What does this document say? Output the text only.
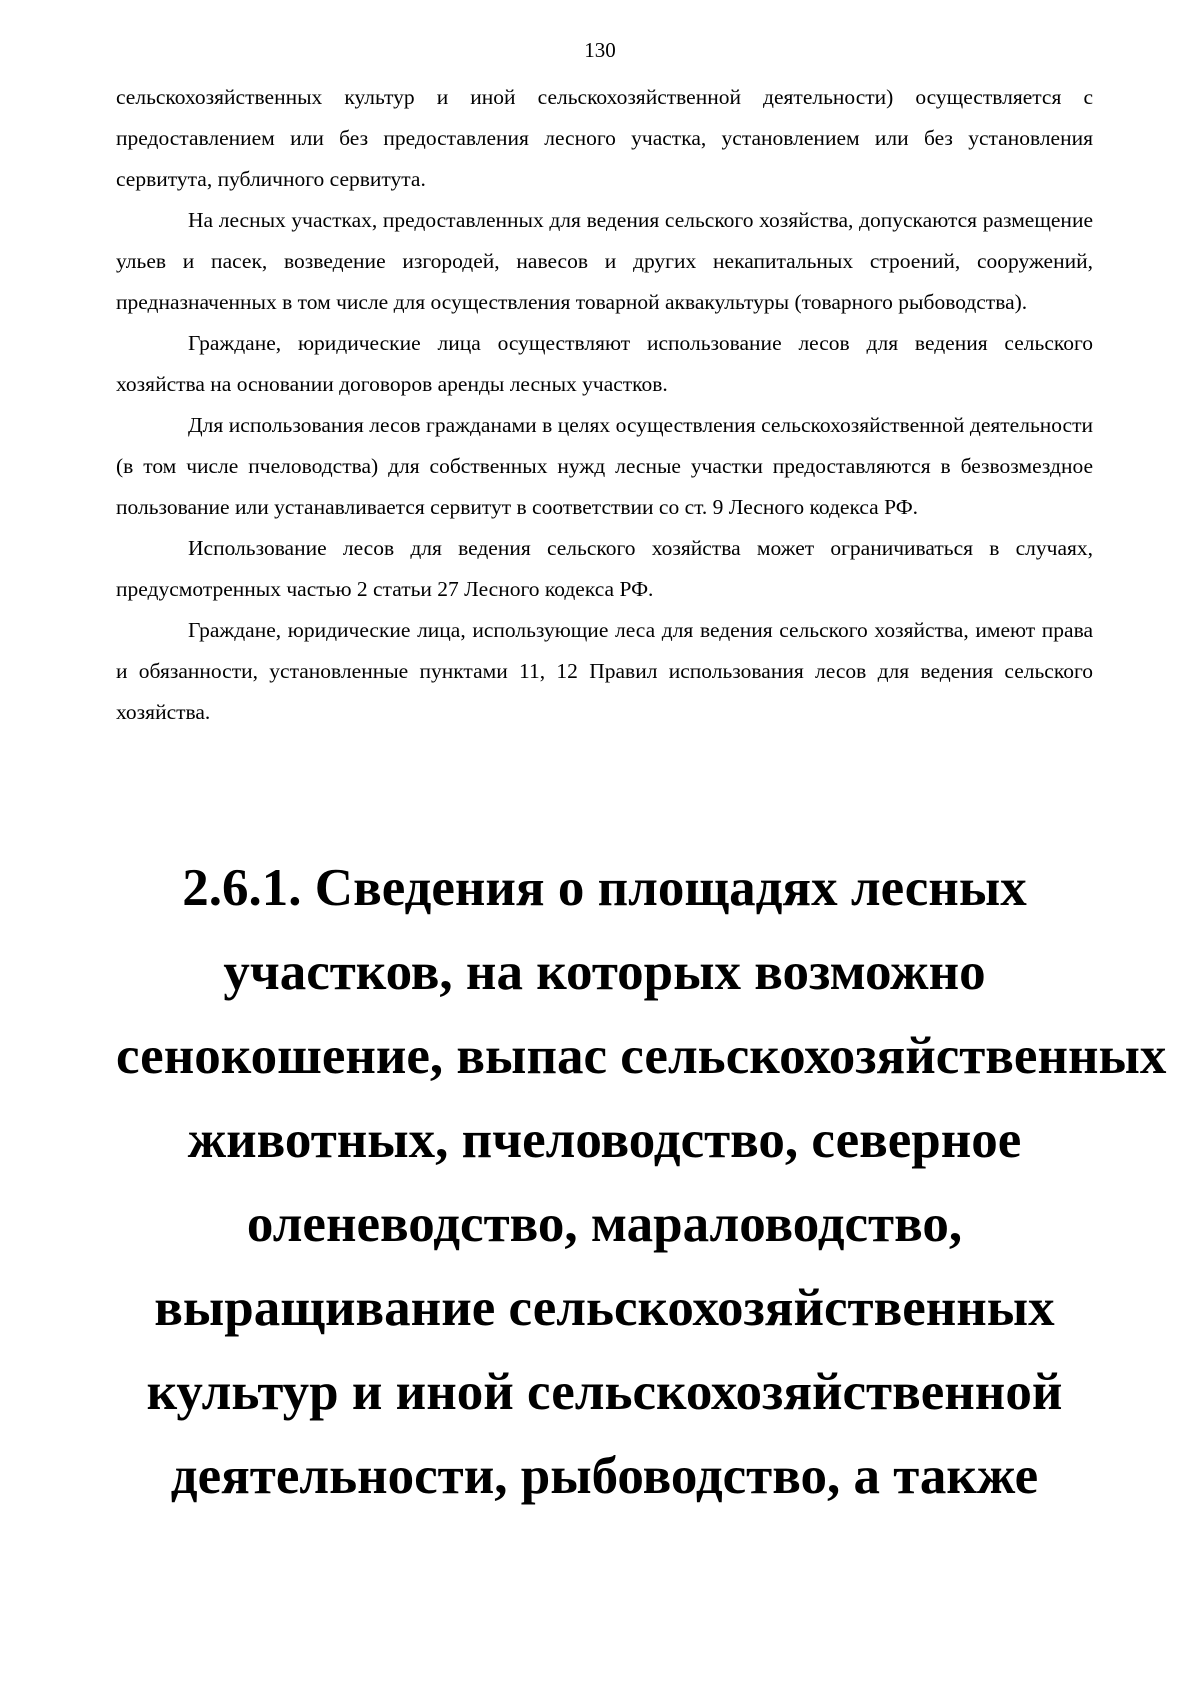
130

сельскохозяйственных культур и иной сельскохозяйственной деятельности) осуществляется с предоставлением или без предоставления лесного участка, установлением или без установления сервитута, публичного сервитута.

На лесных участках, предоставленных для ведения сельского хозяйства, допускаются размещение ульев и пасек, возведение изгородей, навесов и других некапитальных строений, сооружений, предназначенных в том числе для осуществления товарной аквакультуры (товарного рыбоводства).

Граждане, юридические лица осуществляют использование лесов для ведения сельского хозяйства на основании договоров аренды лесных участков.

Для использования лесов гражданами в целях осуществления сельскохозяйственной деятельности (в том числе пчеловодства) для собственных нужд лесные участки предоставляются в безвозмездное пользование или устанавливается сервитут в соответствии со ст. 9 Лесного кодекса РФ.

Использование лесов для ведения сельского хозяйства может ограничиваться в случаях, предусмотренных частью 2 статьи 27 Лесного кодекса РФ.

Граждане, юридические лица, использующие леса для ведения сельского хозяйства, имеют права и обязанности, установленные пунктами 11, 12 Правил использования лесов для ведения сельского хозяйства.

2.6.1. Сведения о площадях лесных
участков, на которых возможно
сенокошение, выпас сельскохозяйственных
животных, пчеловодство, северное
оленеводство, мараловодство,
выращивание сельскохозяйственных
культур и иной сельскохозяйственной
деятельности, рыбоводство, а также
